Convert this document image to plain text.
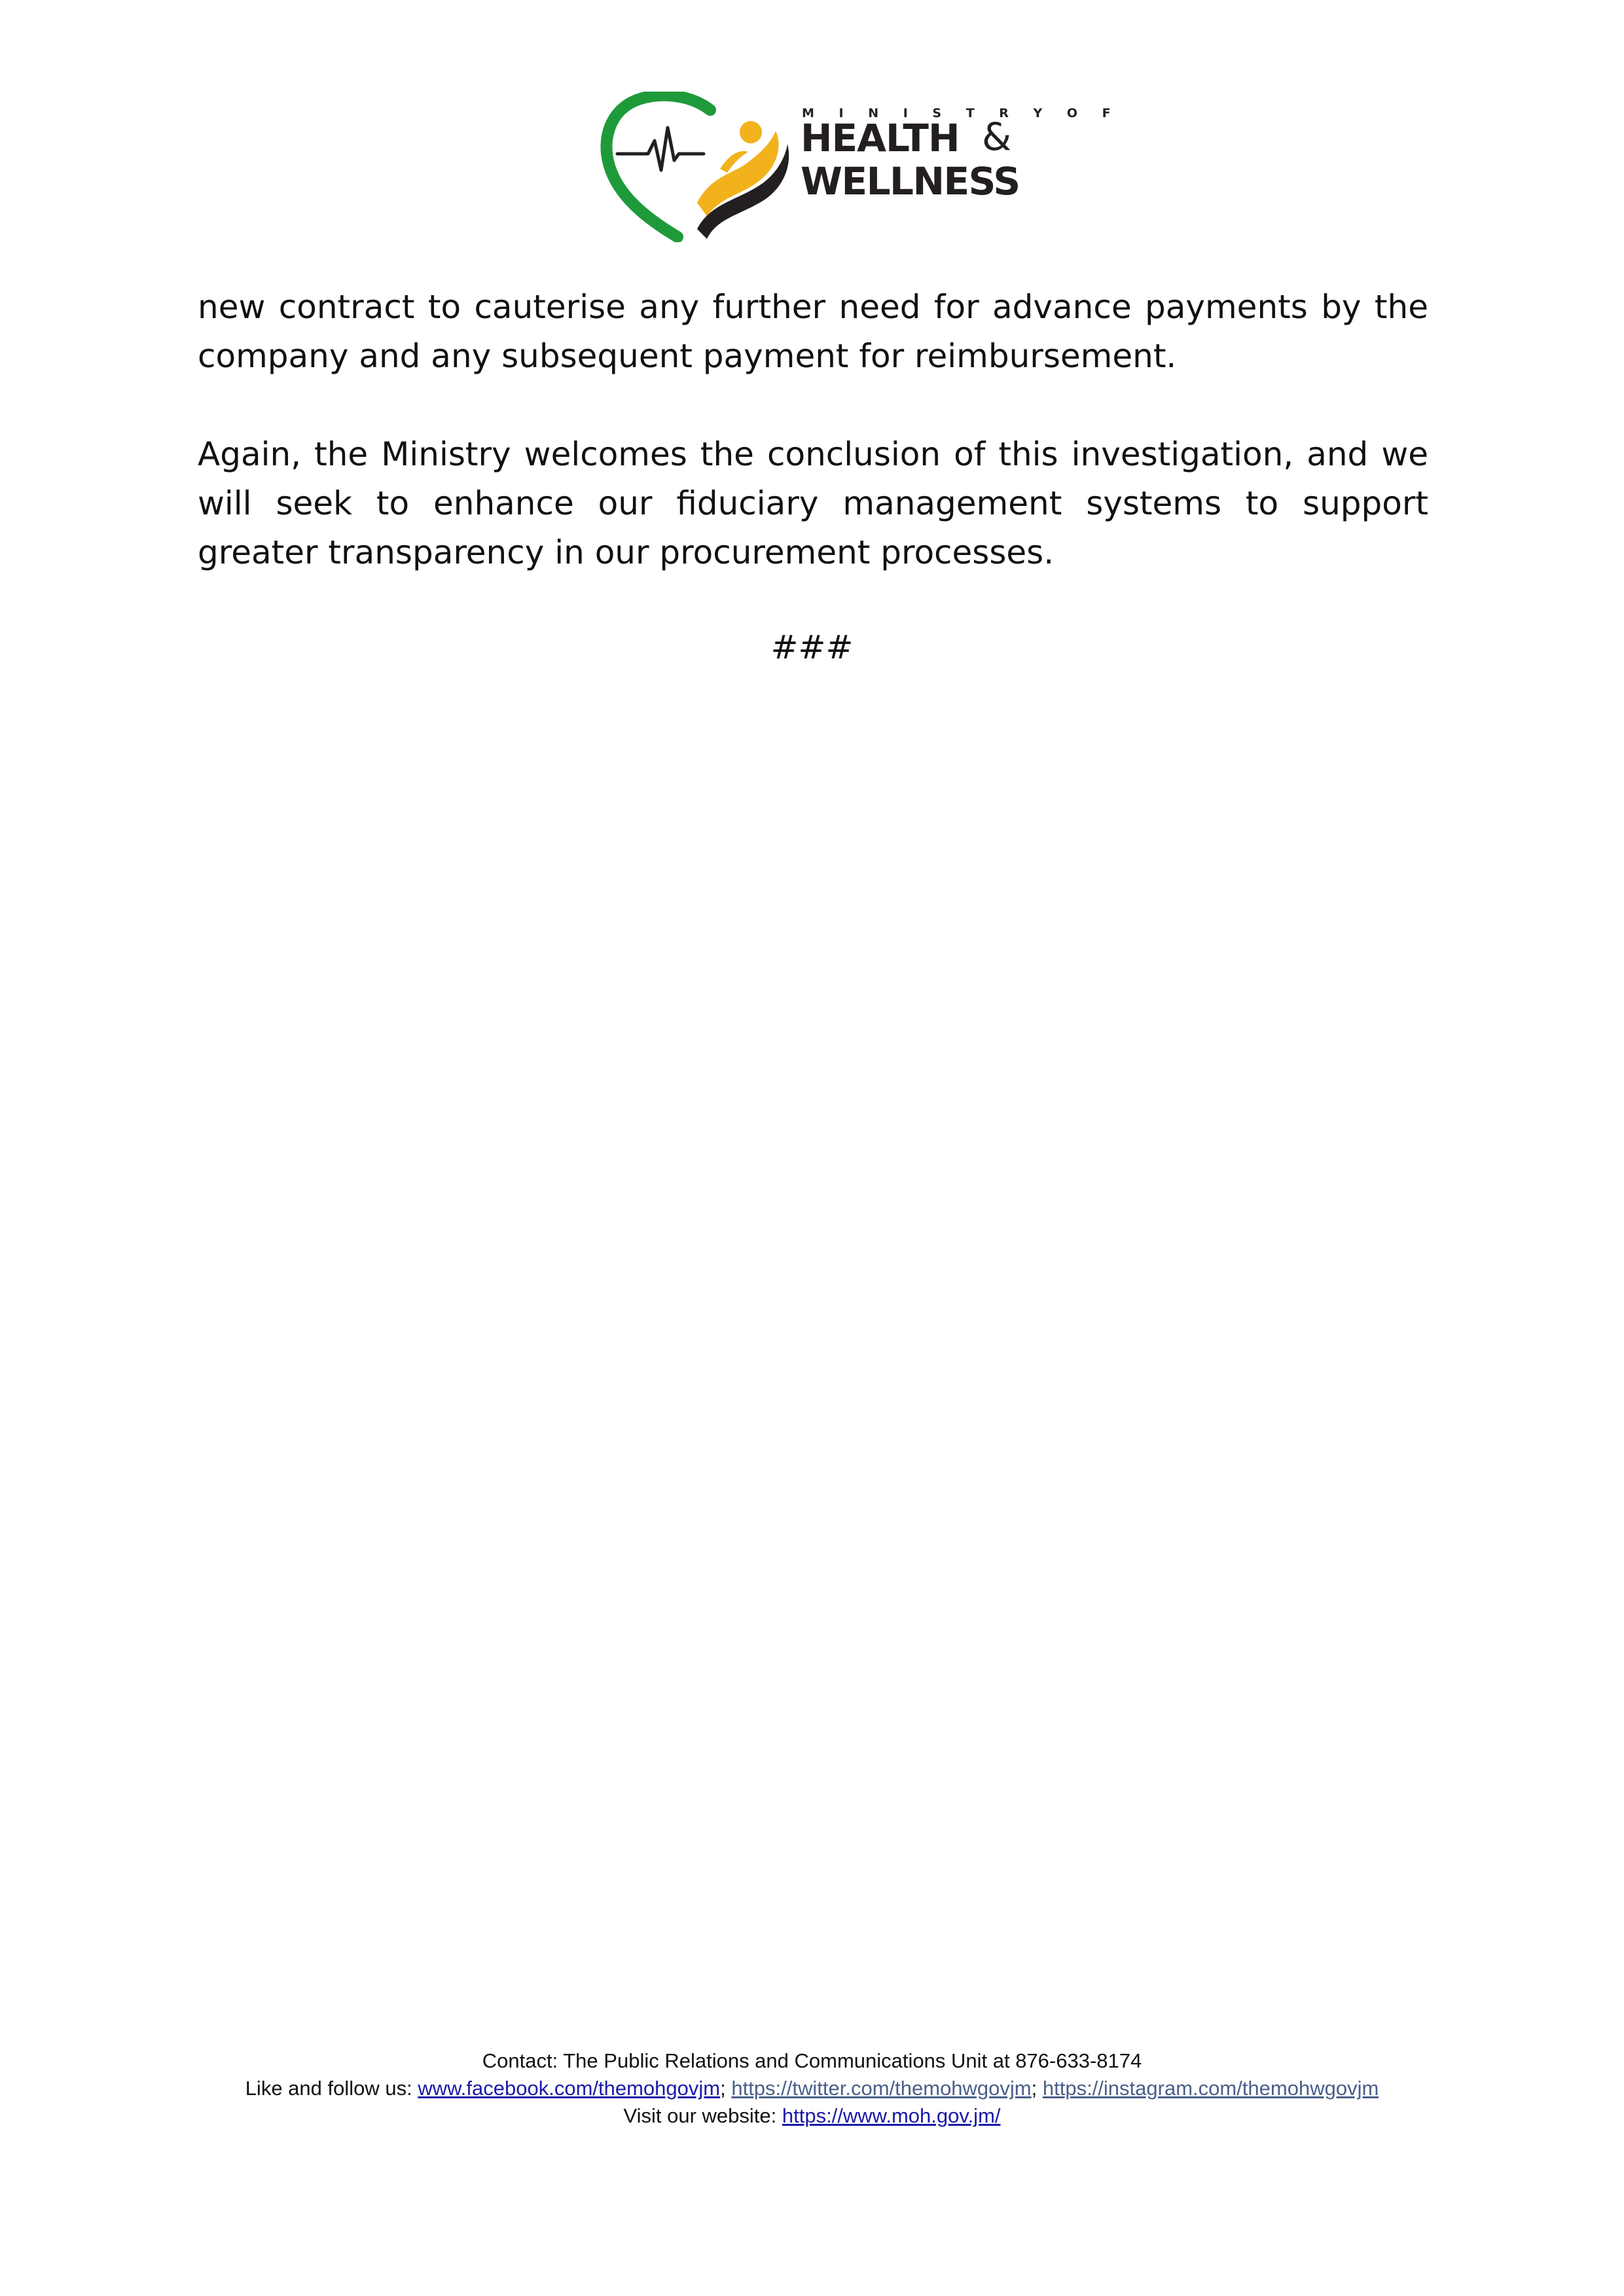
M I N I S T R Y O F
HEALTH &
WELLNESS

new contract to cauterise any further need for advance payments by the company and any subsequent payment for reimbursement.

Again, the Ministry welcomes the conclusion of this investigation, and we will seek to enhance our fiduciary management systems to support greater transparency in our procurement processes.

###
Contact: The Public Relations and Communications Unit at 876-633-8174
Like and follow us: www.facebook.com/themohgovjm; https://twitter.com/themohwgovjm; https://instagram.com/themohwgovjm
Visit our website: https://www.moh.gov.jm/
